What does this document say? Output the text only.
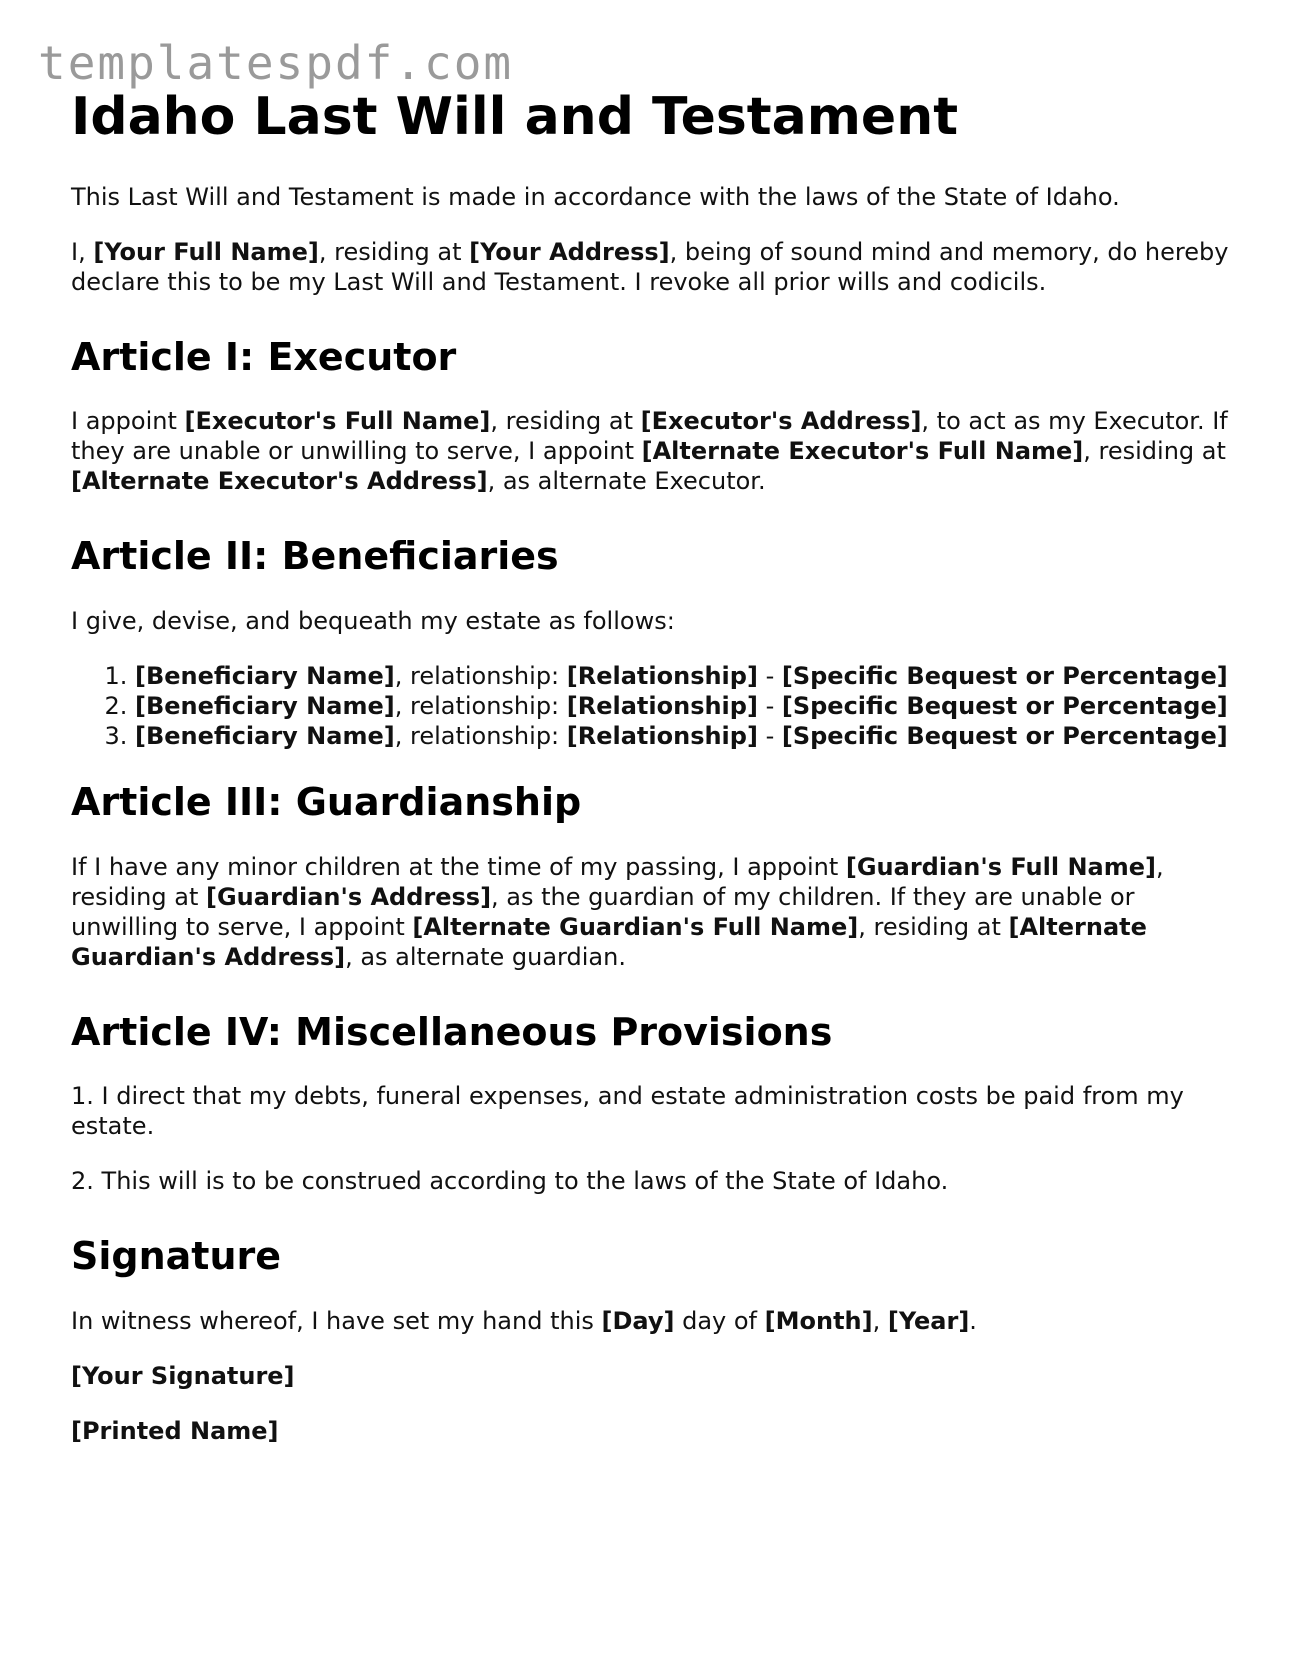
templatespdf.com
Idaho Last Will and Testament

This Last Will and Testament is made in accordance with the laws of the State of Idaho.

I, [Your Full Name], residing at [Your Address], being of sound mind and memory, do hereby declare this to be my Last Will and Testament. I revoke all prior wills and codicils.

Article I: Executor

I appoint [Executor's Full Name], residing at [Executor's Address], to act as my Executor. If they are unable or unwilling to serve, I appoint [Alternate Executor's Full Name], residing at [Alternate Executor's Address], as alternate Executor.

Article II: Beneficiaries

I give, devise, and bequeath my estate as follows:

1. [Beneficiary Name], relationship: [Relationship] - [Specific Bequest or Percentage]
2. [Beneficiary Name], relationship: [Relationship] - [Specific Bequest or Percentage]
3. [Beneficiary Name], relationship: [Relationship] - [Specific Bequest or Percentage]
Article III: Guardianship

If I have any minor children at the time of my passing, I appoint [Guardian's Full Name], residing at [Guardian's Address], as the guardian of my children. If they are unable or unwilling to serve, I appoint [Alternate Guardian's Full Name], residing at [Alternate Guardian's Address], as alternate guardian.

Article IV: Miscellaneous Provisions

1. I direct that my debts, funeral expenses, and estate administration costs be paid from my estate.

2. This will is to be construed according to the laws of the State of Idaho.

Signature

In witness whereof, I have set my hand this [Day] day of [Month], [Year].

[Your Signature]

[Printed Name]
